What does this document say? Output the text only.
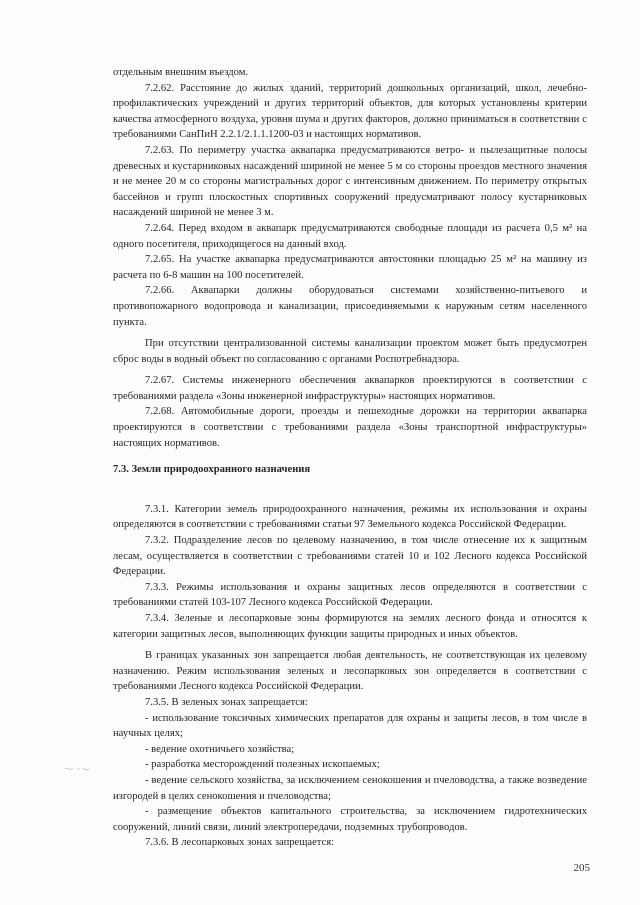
отдельным внешним въездом.

7.2.62. Расстояние до жилых зданий, территорий дошкольных организаций, школ, лечебно-профилактических учреждений и других территорий объектов, для которых установлены критерии качества атмосферного воздуха, уровня шума и других факторов, должно приниматься в соответствии с требованиями СанПиН 2.2.1/2.1.1.1200-03 и настоящих нормативов.

7.2.63. По периметру участка аквапарка предусматриваются ветро- и пылезащитные полосы древесных и кустарниковых насаждений шириной не менее 5 м со стороны проездов местного значения и не менее 20 м со стороны магистральных дорог с интенсивным движением. По периметру открытых бассейнов и групп плоскостных спортивных сооружений предусматривают полосу кустарниковых насаждений шириной не менее 3 м.

7.2.64. Перед входом в аквапарк предусматриваются свободные площади из расчета 0,5 м² на одного посетителя, приходящегося на данный вход.

7.2.65. На участке аквапарка предусматриваются автостоянки площадью 25 м² на машину из расчета по 6-8 машин на 100 посетителей.

7.2.66. Аквапарки должны оборудоваться системами хозяйственно-питьевого и противопожарного водопровода и канализации, присоединяемыми к наружным сетям населенного пункта.

При отсутствии централизованной системы канализации проектом может быть предусмотрен сброс воды в водный объект по согласованию с органами Роспотребнадзора.

7.2.67. Системы инженерного обеспечения аквапарков проектируются в соответствии с требованиями раздела «Зоны инженерной инфраструктуры» настоящих нормативов.

7.2.68. Автомобильные дороги, проезды и пешеходные дорожки на территории аквапарка проектируются в соответствии с требованиями раздела «Зоны транспортной инфраструктуры» настоящих нормативов.

7.3. Земли природоохранного назначения

7.3.1. Категории земель природоохранного назначения, режимы их использования и охраны определяются в соответствии с требованиями статьи 97 Земельного кодекса Российской Федерации.

7.3.2. Подразделение лесов по целевому назначению, в том числе отнесение их к защитным лесам, осуществляется в соответствии с требованиями статей 10 и 102 Лесного кодекса Российской Федерации.

7.3.3. Режимы использования и охраны защитных лесов определяются в соответствии с требованиями статей 103-107 Лесного кодекса Российской Федерации.

7.3.4. Зеленые и лесопарковые зоны формируются на землях лесного фонда и относятся к категории защитных лесов, выполняющих функции защиты природных и иных объектов.

В границах указанных зон запрещается любая деятельность, не соответствующая их целевому назначению. Режим использования зеленых и лесопарковых зон определяется в соответствии с требованиями Лесного кодекса Российской Федерации.

7.3.5. В зеленых зонах запрещается:

- использование токсичных химических препаратов для охраны и защиты лесов, в том числе в научных целях;

- ведение охотничьего хозяйства;

- разработка месторождений полезных ископаемых;

- ведение сельского хозяйства, за исключением сенокошения и пчеловодства, а также возведение изгородей в целях сенокошения и пчеловодства;

- размещение объектов капитального строительства, за исключением гидротехнических сооружений, линий связи, линий электропередачи, подземных трубопроводов.

7.3.6. В лесопарковых зонах запрещается:

205
